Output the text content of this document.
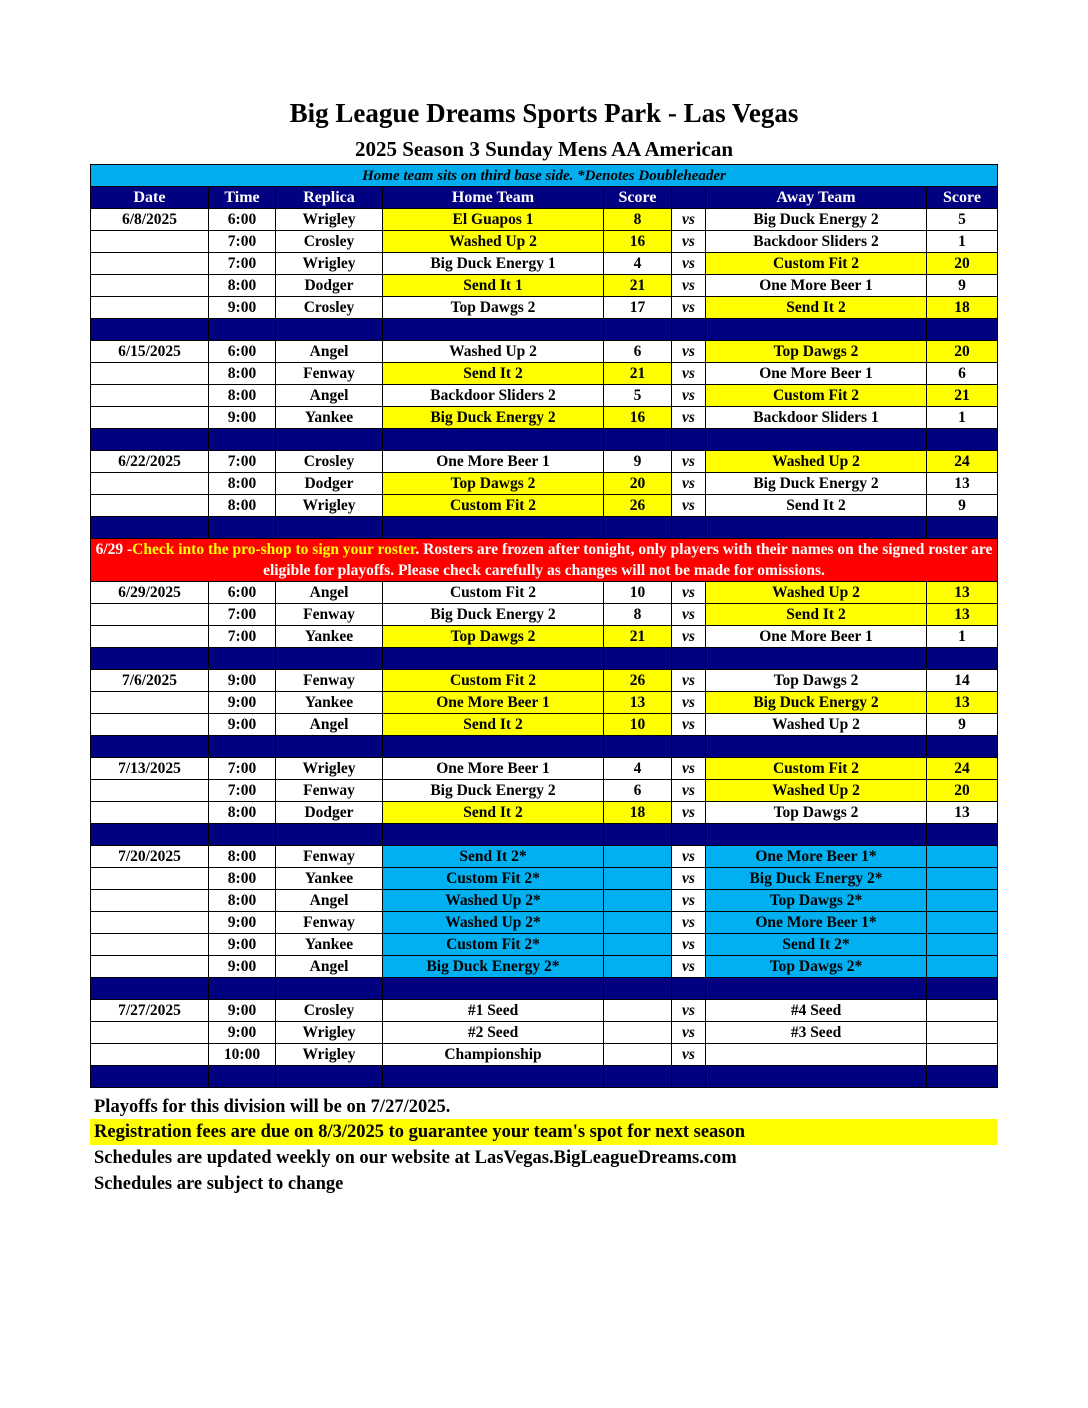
Big League Dreams Sports Park - Las Vegas
2025 Season 3 Sunday Mens AA American
Home team sits on third base side. *Denotes Doubleheader							
Date	Time	Replica	Home Team	Score		Away Team	Score
6/8/2025	6:00	Wrigley	El Guapos 1	8	vs	Big Duck Energy 2	5
	7:00	Crosley	Washed Up 2	16	vs	Backdoor Sliders 2	1
	7:00	Wrigley	Big Duck Energy 1	4	vs	Custom Fit 2	20
	8:00	Dodger	Send It 1	21	vs	One More Beer 1	9
	9:00	Crosley	Top Dawgs 2	17	vs	Send It 2	18

6/15/2025	6:00	Angel	Washed Up 2	6	vs	Top Dawgs 2	20
	8:00	Fenway	Send It 2	21	vs	One More Beer 1	6
	8:00	Angel	Backdoor Sliders 2	5	vs	Custom Fit 2	21
	9:00	Yankee	Big Duck Energy 2	16	vs	Backdoor Sliders 1	1

6/22/2025	7:00	Crosley	One More Beer 1	9	vs	Washed Up 2	24
	8:00	Dodger	Top Dawgs 2	20	vs	Big Duck Energy 2	13
	8:00	Wrigley	Custom Fit 2	26	vs	Send It 2	9

6/29 -Check into the pro-shop to sign your roster. Rosters are frozen after tonight, only players with their names on the signed roster are eligible for playoffs. Please check carefully as changes will not be made for omissions.							
6/29/2025	6:00	Angel	Custom Fit 2	10	vs	Washed Up 2	13
	7:00	Fenway	Big Duck Energy 2	8	vs	Send It 2	13
	7:00	Yankee	Top Dawgs 2	21	vs	One More Beer 1	1

7/6/2025	9:00	Fenway	Custom Fit 2	26	vs	Top Dawgs 2	14
	9:00	Yankee	One More Beer 1	13	vs	Big Duck Energy 2	13
	9:00	Angel	Send It 2	10	vs	Washed Up 2	9

7/13/2025	7:00	Wrigley	One More Beer 1	4	vs	Custom Fit 2	24
	7:00	Fenway	Big Duck Energy 2	6	vs	Washed Up 2	20
	8:00	Dodger	Send It 2	18	vs	Top Dawgs 2	13

7/20/2025	8:00	Fenway	Send It 2*		vs	One More Beer 1*	
	8:00	Yankee	Custom Fit 2*		vs	Big Duck Energy 2*	
	8:00	Angel	Washed Up 2*		vs	Top Dawgs 2*	
	9:00	Fenway	Washed Up 2*		vs	One More Beer 1*	
	9:00	Yankee	Custom Fit 2*		vs	Send It 2*	
	9:00	Angel	Big Duck Energy 2*		vs	Top Dawgs 2*	

7/27/2025	9:00	Crosley	#1 Seed		vs	#4 Seed	
	9:00	Wrigley	#2 Seed		vs	#3 Seed	
	10:00	Wrigley	Championship		vs		

Playoffs for this division will be on 7/27/2025.
Registration fees are due on 8/3/2025 to guarantee your team's spot for next season
Schedules are updated weekly on our website at LasVegas.BigLeagueDreams.com
Schedules are subject to change
